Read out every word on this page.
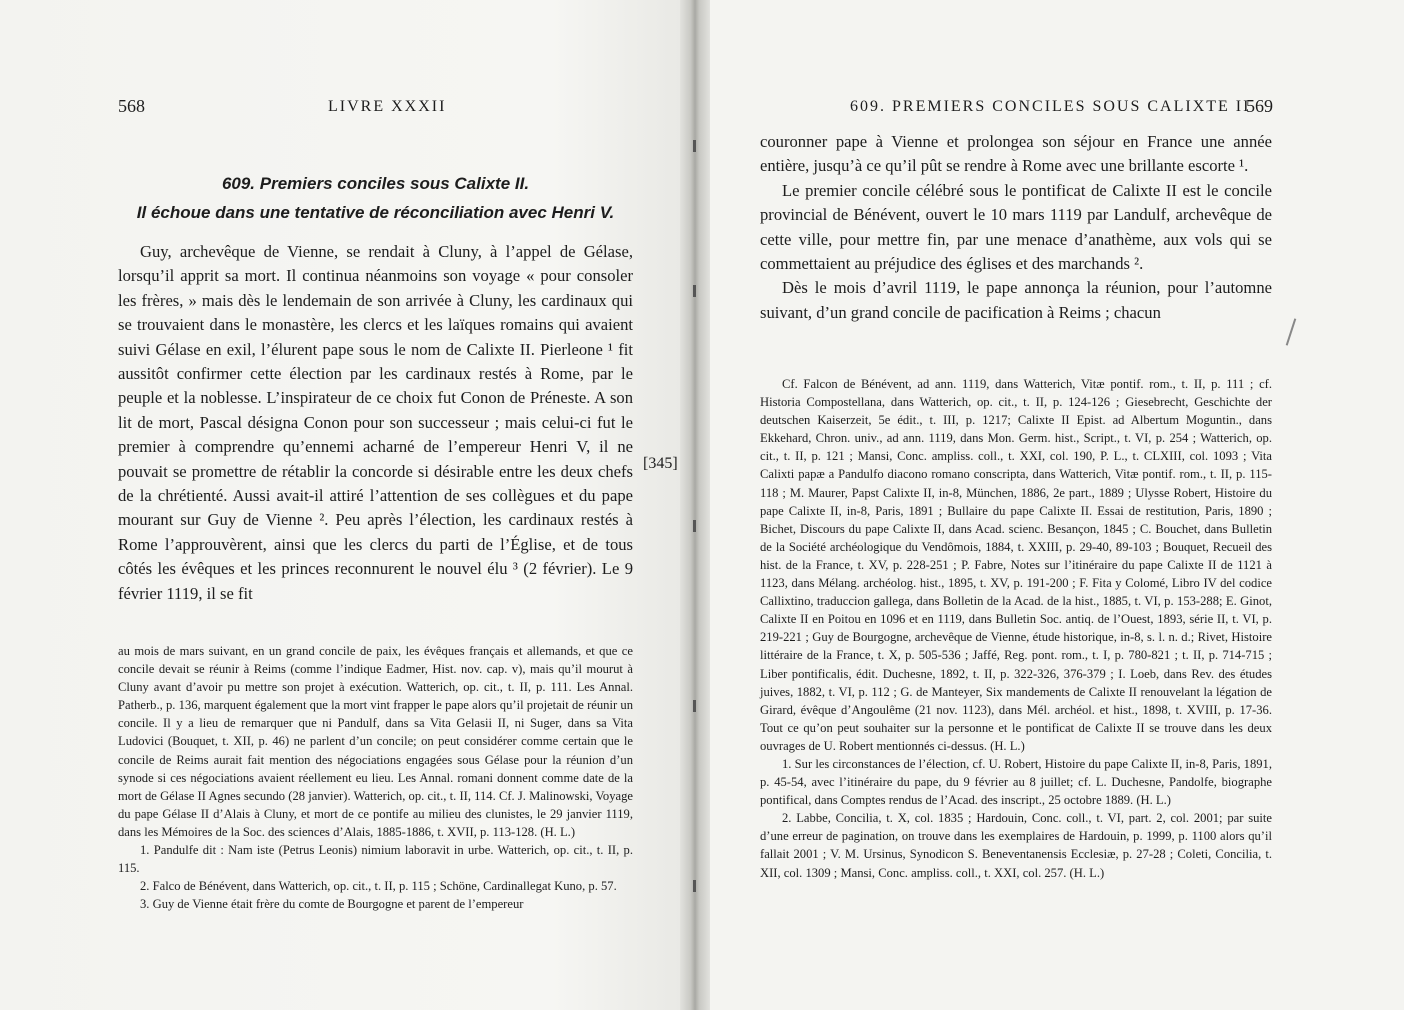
568	LIVRE XXXII
609. Premiers conciles sous Calixte II.
Il échoue dans une tentative de réconciliation avec Henri V.

Guy, archevêque de Vienne, se rendait à Cluny, à l’appel de Gélase, lorsqu’il apprit sa mort. Il continua néanmoins son voyage « pour consoler les frères, » mais dès le lendemain de son arrivée à Cluny, les cardinaux qui se trouvaient dans le monastère, les clercs et les laïques romains qui avaient suivi Gélase en exil, l’élurent pape sous le nom de Calixte II. Pierleone ¹ fit aussitôt confirmer cette élection par les cardinaux restés à Rome, par le peuple et la noblesse. L’inspirateur de ce choix fut Conon de Préneste. A son lit de mort, Pascal désigna Conon pour son successeur ; mais celui-ci fut le premier à comprendre qu’ennemi acharné de l’empereur Henri V, il ne pouvait se promettre de rétablir la concorde si désirable entre les deux chefs de la chrétienté. Aussi avait-il attiré l’attention de ses collègues et du pape mourant sur Guy de Vienne ². Peu après l’élection, les cardinaux restés à Rome l’approuvèrent, ainsi que les clercs du parti de l’Église, et de tous côtés les évêques et les princes reconnurent le nouvel élu ³ (2 février). Le 9 février 1119, il se fit

au mois de mars suivant, en un grand concile de paix, les évêques français et allemands, et que ce concile devait se réunir à Reims (comme l’indique Eadmer, Hist. nov. cap. v), mais qu’il mourut à Cluny avant d’avoir pu mettre son projet à exécution. Watterich, op. cit., t. II, p. 111. Les Annal. Patherb., p. 136, marquent également que la mort vint frapper le pape alors qu’il projetait de réunir un concile. Il y a lieu de remarquer que ni Pandulf, dans sa Vita Gelasii II, ni Suger, dans sa Vita Ludovici (Bouquet, t. XII, p. 46) ne parlent d’un concile; on peut considérer comme certain que le concile de Reims aurait fait mention des négociations engagées sous Gélase pour la réunion d’un synode si ces négociations avaient réellement eu lieu. Les Annal. romani donnent comme date de la mort de Gélase II Agnes secundo (28 janvier). Watterich, op. cit., t. II, 114. Cf. J. Malinowski, Voyage du pape Gélase II d’Alais à Cluny, et mort de ce pontife au milieu des clunistes, le 29 janvier 1119, dans les Mémoires de la Soc. des sciences d’Alais, 1885-1886, t. XVII, p. 113-128. (H. L.)

1. Pandulfe dit : Nam iste (Petrus Leonis) nimium laboravit in urbe. Watterich, op. cit., t. II, p. 115.

2. Falco de Bénévent, dans Watterich, op. cit., t. II, p. 115 ; Schöne, Cardinallegat Kuno, p. 57.

3. Guy de Vienne était frère du comte de Bourgogne et parent de l’empereur

[345]
609. PREMIERS CONCILES SOUS CALIXTE II
569

couronner pape à Vienne et prolongea son séjour en France une année entière, jusqu’à ce qu’il pût se rendre à Rome avec une brillante escorte ¹.

Le premier concile célébré sous le pontificat de Calixte II est le concile provincial de Bénévent, ouvert le 10 mars 1119 par Landulf, archevêque de cette ville, pour mettre fin, par une menace d’anathème, aux vols qui se commettaient au préjudice des églises et des marchands ².

Dès le mois d’avril 1119, le pape annonça la réunion, pour l’automne suivant, d’un grand concile de pacification à Reims ; chacun

Cf. Falcon de Bénévent, ad ann. 1119, dans Watterich, Vitæ pontif. rom., t. II, p. 111 ; cf. Historia Compostellana, dans Watterich, op. cit., t. II, p. 124-126 ; Giesebrecht, Geschichte der deutschen Kaiserzeit, 5e édit., t. III, p. 1217; Calixte II Epist. ad Albertum Moguntin., dans Ekkehard, Chron. univ., ad ann. 1119, dans Mon. Germ. hist., Script., t. VI, p. 254 ; Watterich, op. cit., t. II, p. 121 ; Mansi, Conc. ampliss. coll., t. XXI, col. 190, P. L., t. CLXIII, col. 1093 ; Vita Calixti papæ a Pandulfo diacono romano conscripta, dans Watterich, Vitæ pontif. rom., t. II, p. 115-118 ; M. Maurer, Papst Calixte II, in-8, München, 1886, 2e part., 1889 ; Ulysse Robert, Histoire du pape Calixte II, in-8, Paris, 1891 ; Bullaire du pape Calixte II. Essai de restitution, Paris, 1890 ; Bichet, Discours du pape Calixte II, dans Acad. scienc. Besançon, 1845 ; C. Bouchet, dans Bulletin de la Société archéologique du Vendômois, 1884, t. XXIII, p. 29-40, 89-103 ; Bouquet, Recueil des hist. de la France, t. XV, p. 228-251 ; P. Fabre, Notes sur l’itinéraire du pape Calixte II de 1121 à 1123, dans Mélang. archéolog. hist., 1895, t. XV, p. 191-200 ; F. Fita y Colomé, Libro IV del codice Callixtino, traduccion gallega, dans Bolletin de la Acad. de la hist., 1885, t. VI, p. 153-288; E. Ginot, Calixte II en Poitou en 1096 et en 1119, dans Bulletin Soc. antiq. de l’Ouest, 1893, série II, t. VI, p. 219-221 ; Guy de Bourgogne, archevêque de Vienne, étude historique, in-8, s. l. n. d.; Rivet, Histoire littéraire de la France, t. X, p. 505-536 ; Jaffé, Reg. pont. rom., t. I, p. 780-821 ; t. II, p. 714-715 ; Liber pontificalis, édit. Duchesne, 1892, t. II, p. 322-326, 376-379 ; I. Loeb, dans Rev. des études juives, 1882, t. VI, p. 112 ; G. de Manteyer, Six mandements de Calixte II renouvelant la légation de Girard, évêque d’Angoulême (21 nov. 1123), dans Mél. archéol. et hist., 1898, t. XVIII, p. 17-36. Tout ce qu’on peut souhaiter sur la personne et le pontificat de Calixte II se trouve dans les deux ouvrages de U. Robert mentionnés ci-dessus. (H. L.)

1. Sur les circonstances de l’élection, cf. U. Robert, Histoire du pape Calixte II, in-8, Paris, 1891, p. 45-54, avec l’itinéraire du pape, du 9 février au 8 juillet; cf. L. Duchesne, Pandolfe, biographe pontifical, dans Comptes rendus de l’Acad. des inscript., 25 octobre 1889. (H. L.)

2. Labbe, Concilia, t. X, col. 1835 ; Hardouin, Conc. coll., t. VI, part. 2, col. 2001; par suite d’une erreur de pagination, on trouve dans les exemplaires de Hardouin, p. 1999, p. 1100 alors qu’il fallait 2001 ; V. M. Ursinus, Synodicon S. Beneventanensis Ecclesiæ, p. 27-28 ; Coleti, Concilia, t. XII, col. 1309 ; Mansi, Conc. ampliss. coll., t. XXI, col. 257. (H. L.)
